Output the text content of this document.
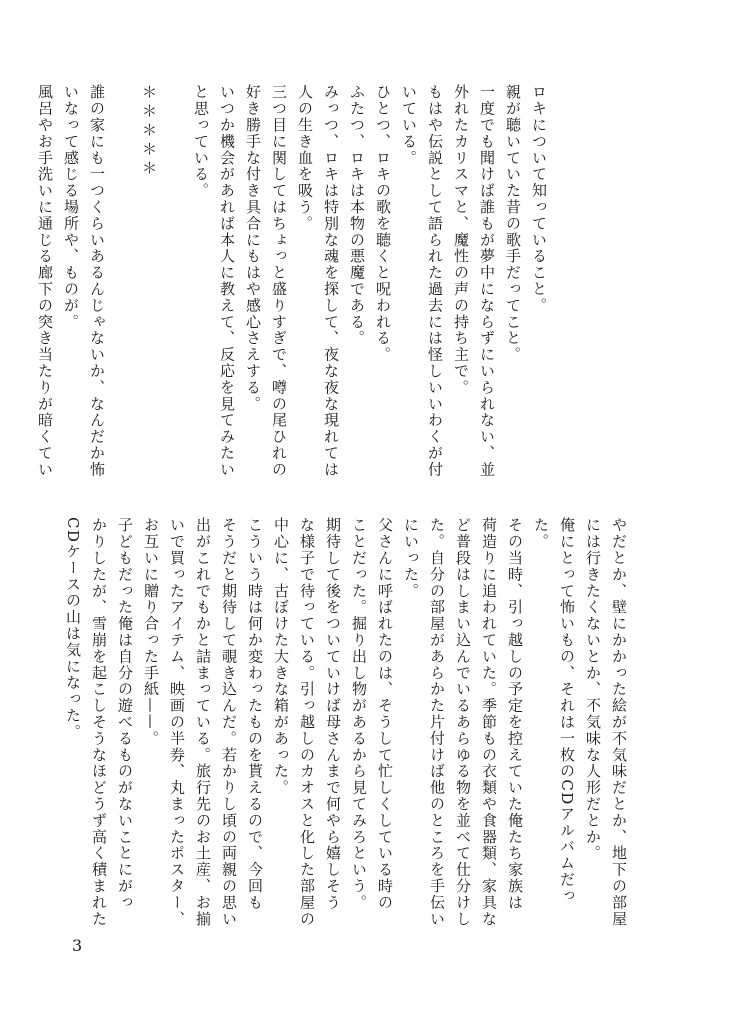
ロキについて知っていること。

親が聴いていた昔の歌手だってこと。

一度でも聞けば誰もが夢中にならずにいられない、並

外れたカリスマと、魔性の声の持ち主で。

もはや伝説として語られた過去には怪しいいわくが付

いている。

ひとつ、ロキの歌を聴くと呪われる。

ふたつ、ロキは本物の悪魔である。

みっつ、ロキは特別な魂を探して、夜な夜な現れては

人の生き血を吸う。

三つ目に関してはちょっと盛りすぎで、噂の尾ひれの

好き勝手な付き具合にもはや感心さえする。

いつか機会があれば本人に教えて、反応を見てみたい

と思っている。

＊＊＊＊＊

誰の家にも一つくらいあるんじゃないか、なんだか怖

いなって感じる場所や、ものが。

風呂やお手洗いに通じる廊下の突き当たりが暗くてい

やだとか、壁にかかった絵が不気味だとか、地下の部屋

には行きたくないとか、不気味な人形だとか。

俺にとって怖いもの、それは一枚のCDアルバムだっ

た。

その当時、引っ越しの予定を控えていた俺たち家族は

荷造りに追われていた。季節もの衣類や食器類、家具な

ど普段はしまい込んでいるあらゆる物を並べて仕分けし

た。自分の部屋があらかた片付けば他のところを手伝い

にいった。

父さんに呼ばれたのは、そうして忙しくしている時の

ことだった。掘り出し物があるから見てみろという。

期待して後をついていけば母さんまで何やら嬉しそう

な様子で待っている。引っ越しのカオスと化した部屋の

中心に、古ぼけた大きな箱があった。

こういう時は何か変わったものを貰えるので、今回も

そうだと期待して覗き込んだ。若かりし頃の両親の思い

出がこれでもかと詰まっている。旅行先のお土産、お揃

いで買ったアイテム、映画の半券、丸まったポスター、

お互いに贈り合った手紙——。

子どもだった俺は自分の遊べるものがないことにがっ

かりしたが、雪崩を起こしそうなほどうず高く積まれた

CDケースの山は気になった。

3
